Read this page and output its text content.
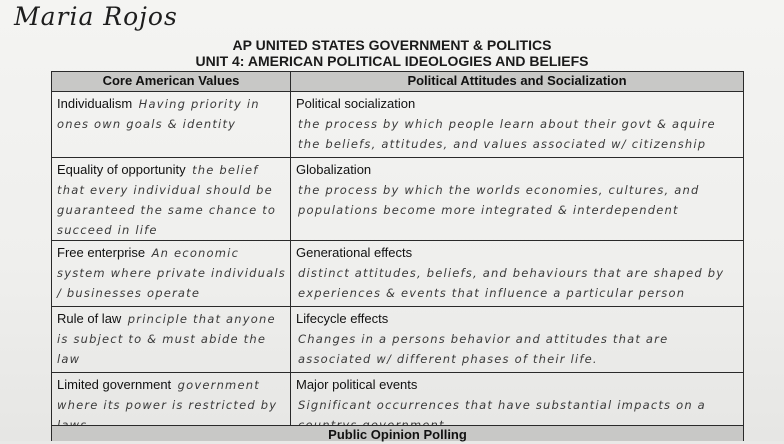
Maria Rojos
AP UNITED STATES GOVERNMENT & POLITICS
UNIT 4: AMERICAN POLITICAL IDEOLOGIES AND BELIEFS
Core American Values	Political Attitudes and Socialization

Individualism Having priority in ones own goals & identity	Political socialization
the process by which people learn about their govt & aquire the beliefs, attitudes, and values associated w/ citizenship

Equality of opportunity the belief that every individual should be guaranteed the same chance to succeed in life	Globalization
the process by which the worlds economies, cultures, and populations become more integrated & interdependent

Free enterprise An economic system where private individuals / businesses operate	Generational effects
distinct attitudes, beliefs, and behaviours that are shaped by experiences & events that influence a particular person

Rule of law principle that anyone is subject to & must abide the law	Lifecycle effects
Changes in a persons behavior and attitudes that are associated w/ different phases of their life.

Limited government government where its power is restricted by	Major political events
Significant occurrences that have substantial impacts on a
Public Opinion Polling
